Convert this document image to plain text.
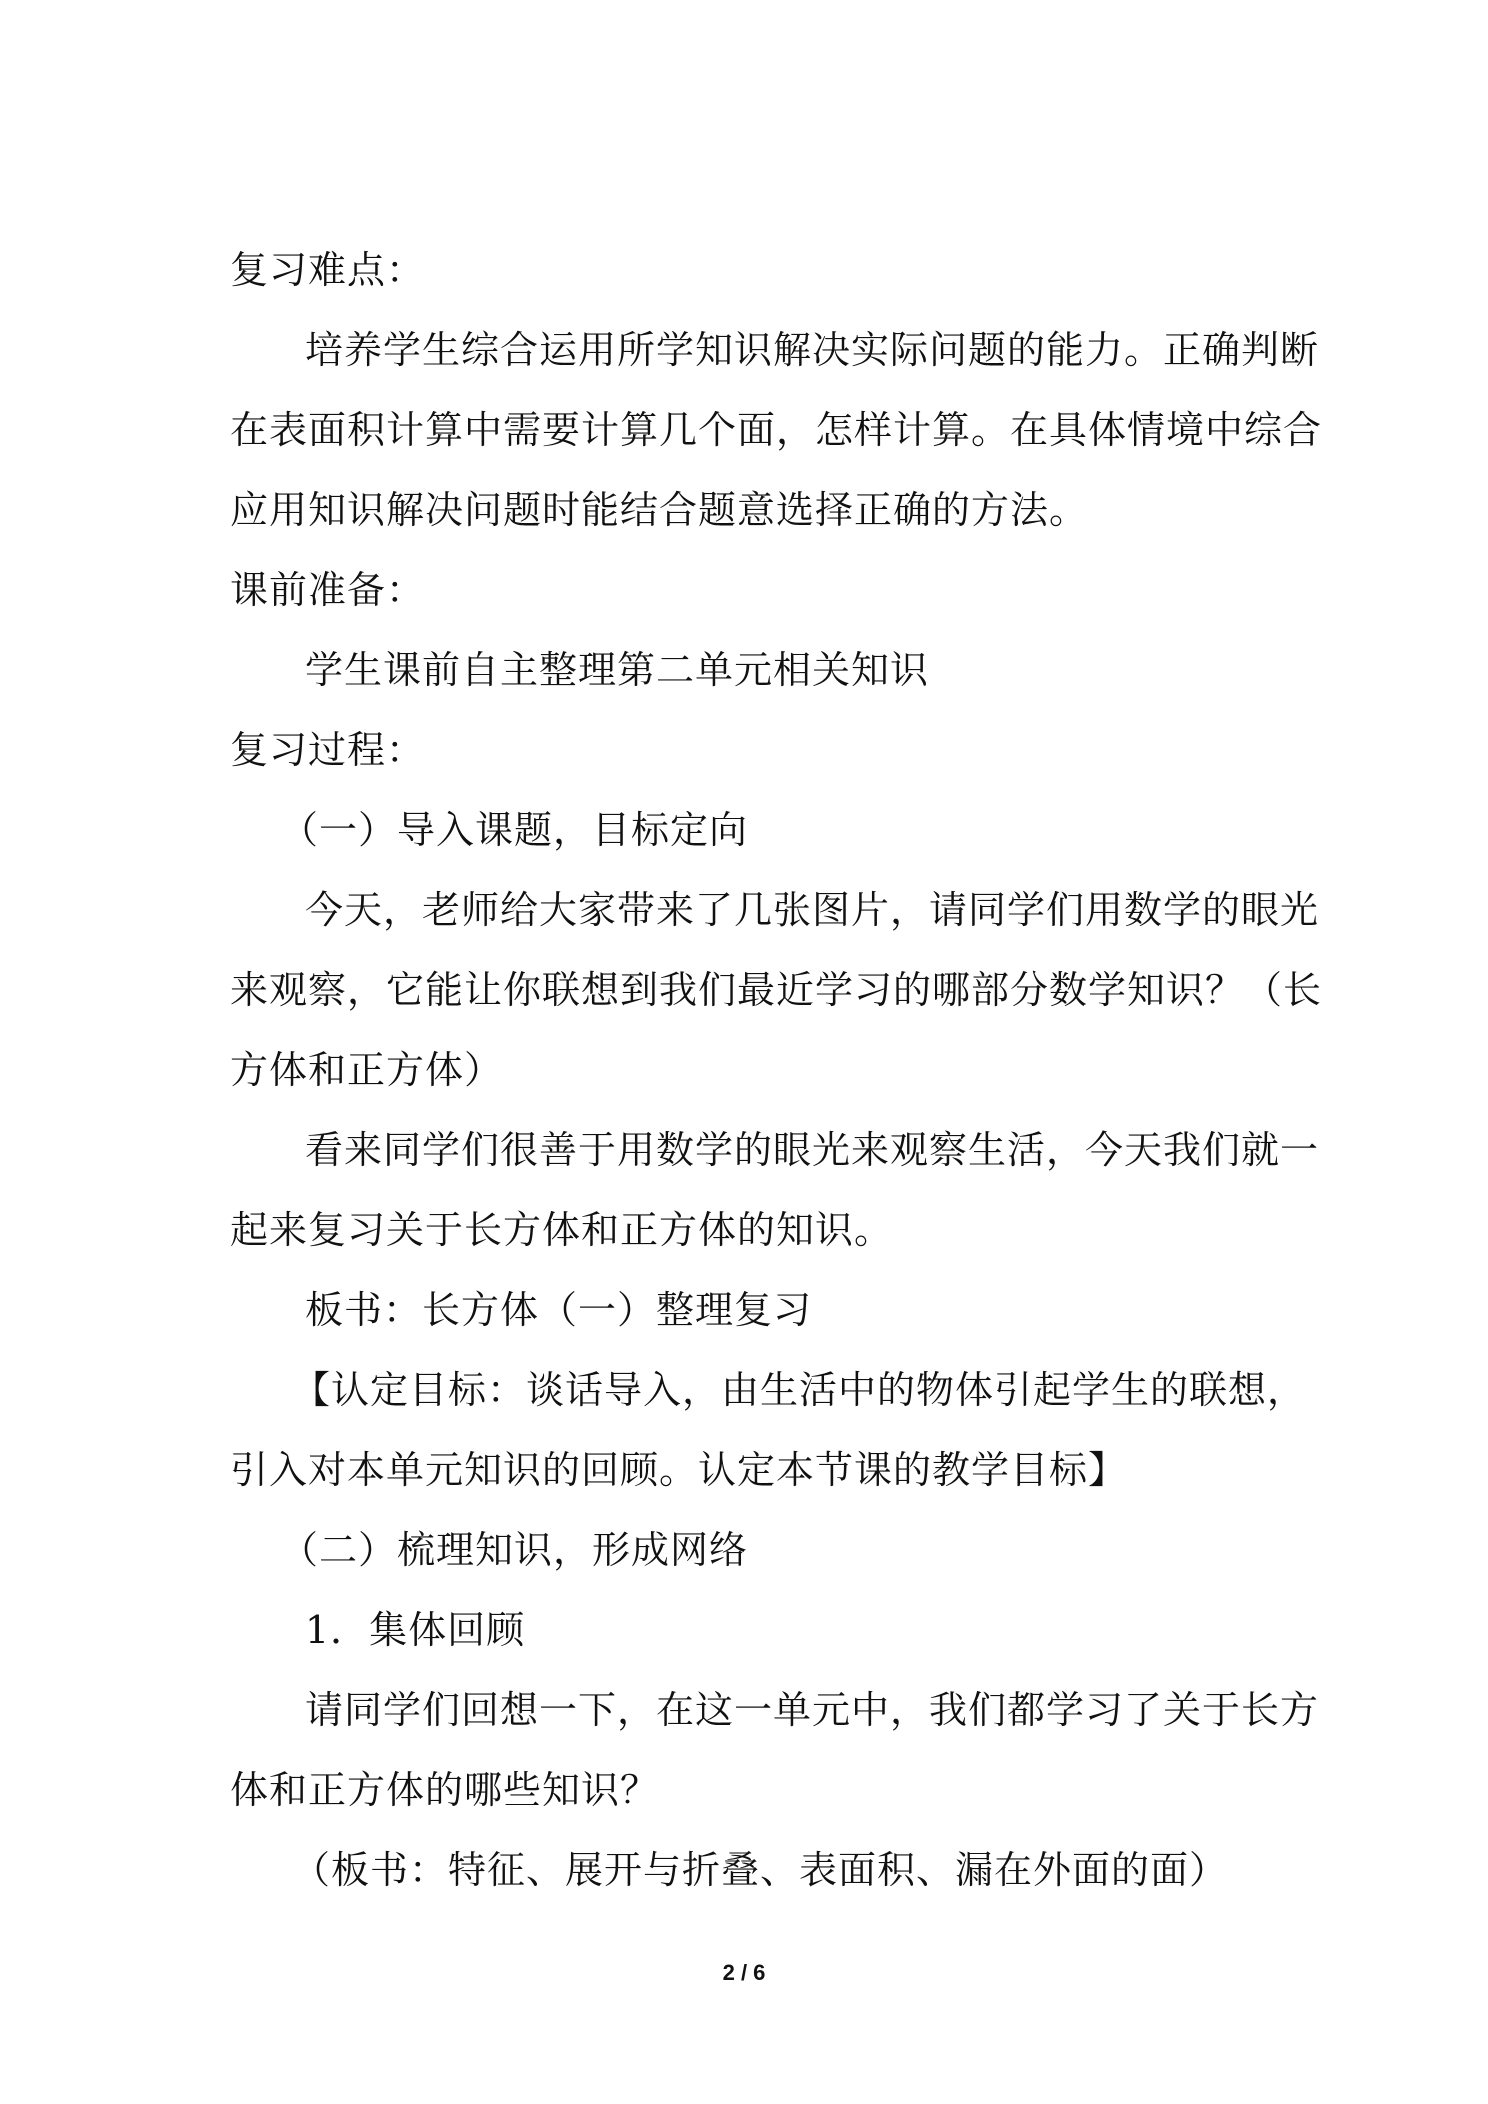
复习难点：
培养学生综合运用所学知识解决实际问题的能力。正确判断
在表面积计算中需要计算几个面，怎样计算。在具体情境中综合
应用知识解决问题时能结合题意选择正确的方法。
课前准备：
学生课前自主整理第二单元相关知识
复习过程：
（一）导入课题，目标定向
今天，老师给大家带来了几张图片，请同学们用数学的眼光
来观察，它能让你联想到我们最近学习的哪部分数学知识？（长
方体和正方体）
看来同学们很善于用数学的眼光来观察生活，今天我们就一
起来复习关于长方体和正方体的知识。
板书：长方体（一）整理复习
【认定目标：谈话导入，由生活中的物体引起学生的联想，
引入对本单元知识的回顾。认定本节课的教学目标】
（二）梳理知识，形成网络
1．集体回顾
请同学们回想一下，在这一单元中，我们都学习了关于长方
体和正方体的哪些知识？
（板书：特征、展开与折叠、表面积、漏在外面的面）
2 / 6
